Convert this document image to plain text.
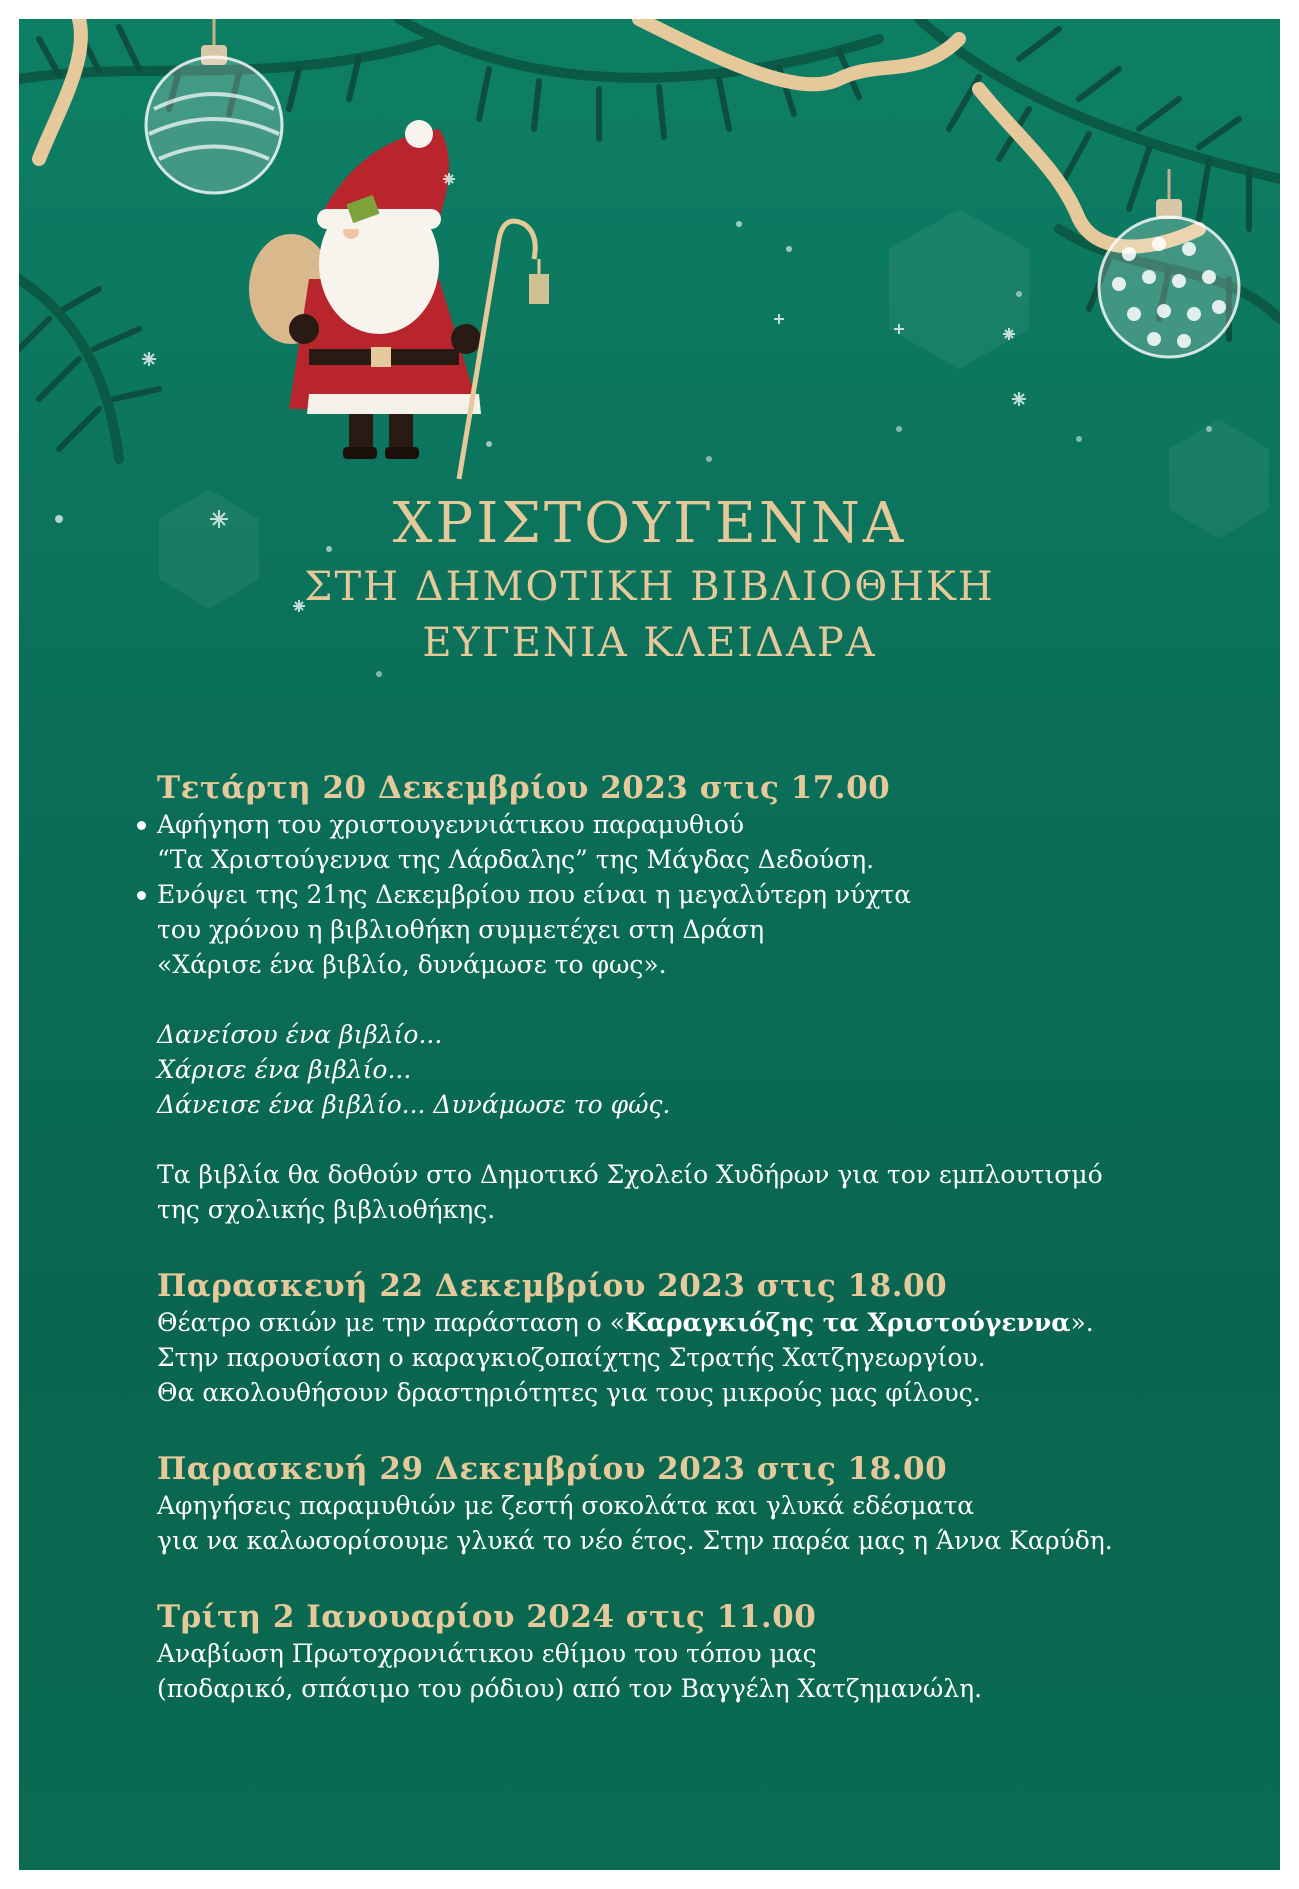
ΧΡΙΣΤΟΥΓΕΝΝΑ
ΣΤΗ ΔΗΜΟΤΙΚΗ ΒΙΒΛΙΟΘΗΚΗ
ΕΥΓΕΝΙΑ ΚΛΕΙΔΑΡΑ
Τετάρτη 20 Δεκεμβρίου 2023 στις 17.00
Αφήγηση του χριστουγεννιάτικου παραμυθιού
“Τα Χριστούγεννα της Λάρδαλης” της Μάγδας Δεδούση.
Ενόψει της 21ης Δεκεμβρίου που είναι η μεγαλύτερη νύχτα
του χρόνου η βιβλιοθήκη συμμετέχει στη Δράση
«Χάρισε ένα βιβλίο, δυνάμωσε το φως».
Δανείσου ένα βιβλίο...
Χάρισε ένα βιβλίο...
Δάνεισε ένα βιβλίο... Δυνάμωσε το φώς.
Τα βιβλία θα δοθούν στο Δημοτικό Σχολείο Χυδήρων για τον εμπλουτισμό
της σχολικής βιβλιοθήκης.
Παρασκευή 22 Δεκεμβρίου 2023 στις 18.00
Θέατρο σκιών με την παράσταση ο «Καραγκιόζης τα Χριστούγεννα».
Στην παρουσίαση ο καραγκιοζοπαίχτης Στρατής Χατζηγεωργίου.
Θα ακολουθήσουν δραστηριότητες για τους μικρούς μας φίλους.
Παρασκευή 29 Δεκεμβρίου 2023 στις 18.00
Αφηγήσεις παραμυθιών με ζεστή σοκολάτα και γλυκά εδέσματα
για να καλωσορίσουμε γλυκά το νέο έτος. Στην παρέα μας η Άννα Καρύδη.
Τρίτη 2 Ιανουαρίου 2024 στις 11.00
Αναβίωση Πρωτοχρονιάτικου εθίμου του τόπου μας
(ποδαρικό, σπάσιμο του ρόδιου) από τον Βαγγέλη Χατζημανώλη.
